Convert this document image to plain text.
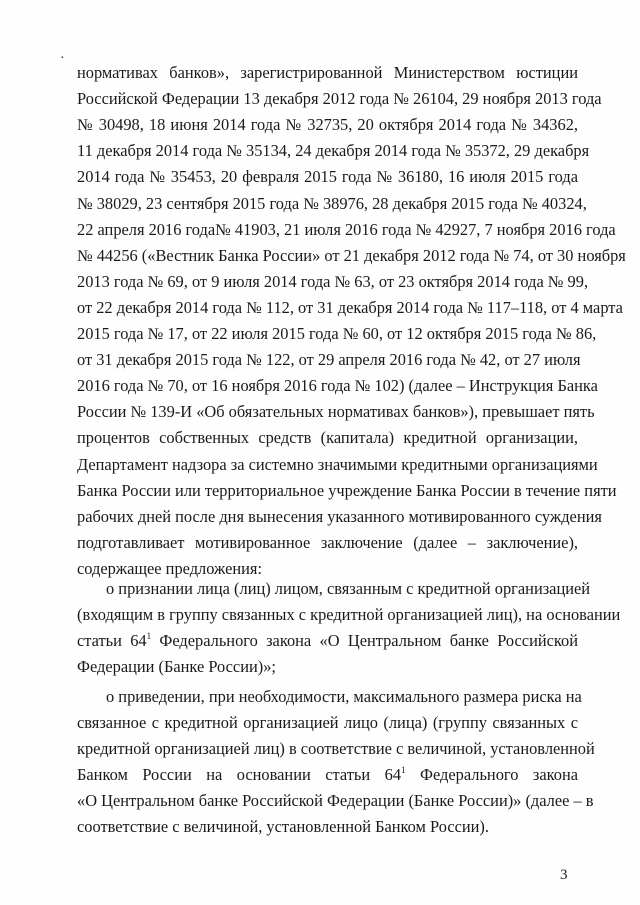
·
нормативах банков», зарегистрированной Министерством юстиции
Российской Федерации 13 декабря 2012 года № 26104, 29 ноября 2013 года
№ 30498, 18 июня 2014 года № 32735, 20 октября 2014 года № 34362,
11 декабря 2014 года № 35134, 24 декабря 2014 года № 35372, 29 декабря
2014 года № 35453, 20 февраля 2015 года № 36180, 16 июля 2015 года
№ 38029, 23 сентября 2015 года № 38976, 28 декабря 2015 года № 40324,
22 апреля 2016 года№ 41903, 21 июля 2016 года № 42927, 7 ноября 2016 года
№ 44256 («Вестник Банка России» от 21 декабря 2012 года № 74, от 30 ноября
2013 года № 69, от 9 июля 2014 года № 63, от 23 октября 2014 года № 99,
от 22 декабря 2014 года № 112, от 31 декабря 2014 года № 117–118, от 4 марта
2015 года № 17, от 22 июля 2015 года № 60, от 12 октября 2015 года № 86,
от 31 декабря 2015 года № 122, от 29 апреля 2016 года № 42, от 27 июля
2016 года № 70, от 16 ноября 2016 года № 102) (далее – Инструкция Банка
России № 139-И «Об обязательных нормативах банков»), превышает пять
процентов собственных средств (капитала) кредитной организации,
Департамент надзора за системно значимыми кредитными организациями
Банка России или территориальное учреждение Банка России в течение пяти
рабочих дней после дня вынесения указанного мотивированного суждения
подготавливает мотивированное заключение (далее – заключение),
содержащее предложения:
о признании лица (лиц) лицом, связанным с кредитной организацией
(входящим в группу связанных с кредитной организацией лиц), на основании
статьи $64^1$ Федерального закона «О Центральном банке Российской
Федерации (Банке России)»;
о приведении, при необходимости, максимального размера риска на
связанное с кредитной организацией лицо (лица) (группу связанных с
кредитной организацией лиц) в соответствие с величиной, установленной
Банком России на основании статьи $64^1$ Федерального закона
«О Центральном банке Российской Федерации (Банке России)» (далее – в
соответствие с величиной, установленной Банком России).
3
